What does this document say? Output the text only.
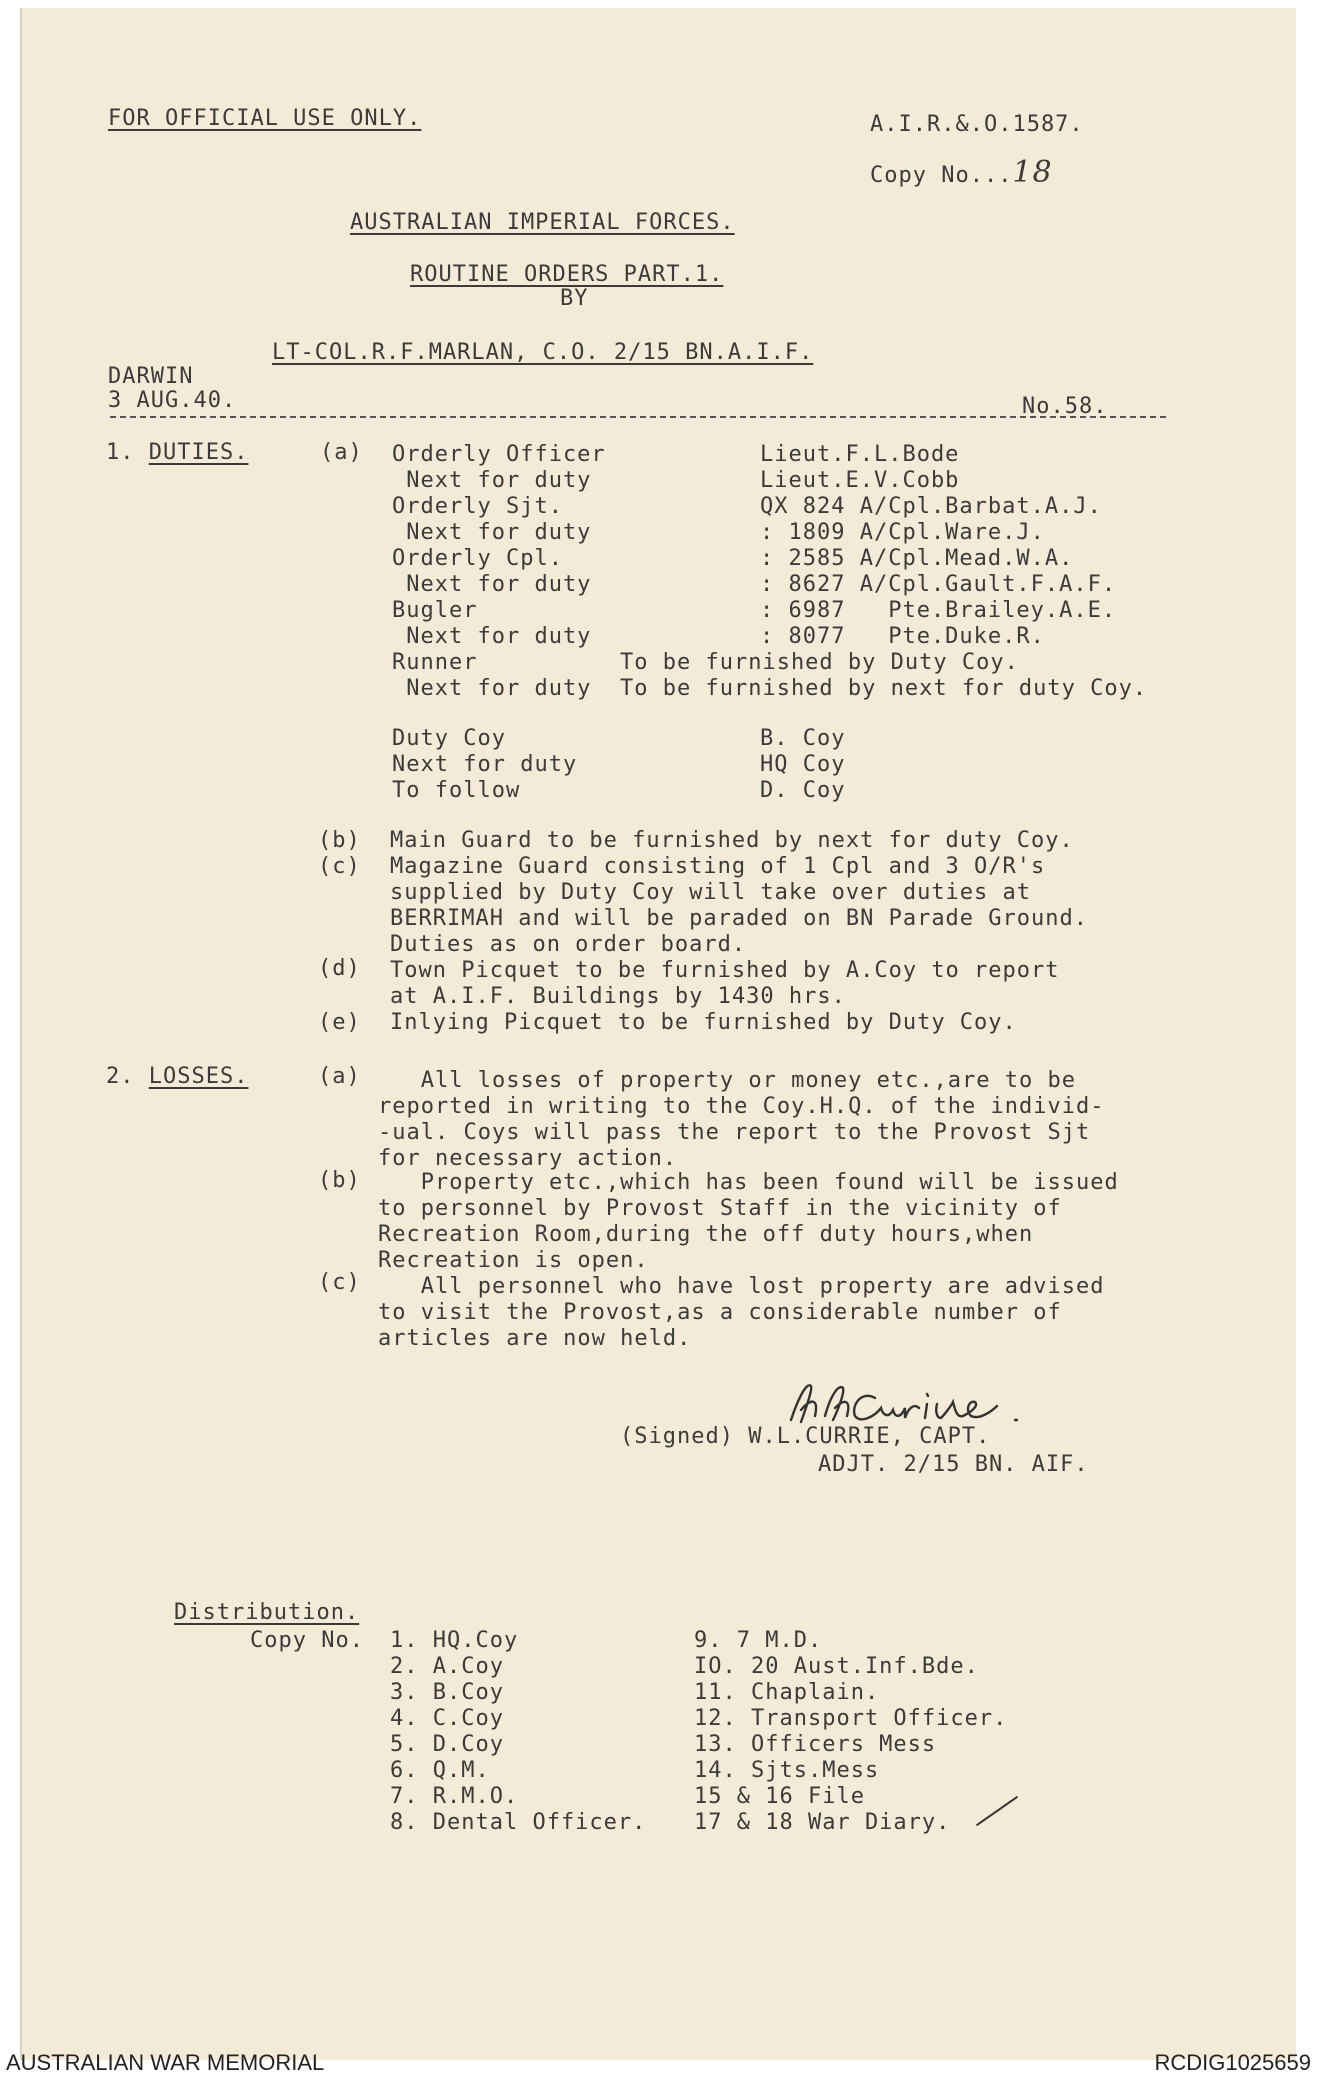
FOR OFFICIAL USE ONLY.	A.I.R.&.O.1587.
Copy No...18
AUSTRALIAN IMPERIAL FORCES.
ROUTINE ORDERS PART.1.
BY
LT-COL.R.F.MARLAN, C.O. 2/15 BN.A.I.F.
DARWIN
3 AUG.40.	No.58.
1. DUTIES.	(a) Orderly Officer	Lieut.F.L.Bode
Next for duty	Lieut.E.V.Cobb
Orderly Sjt.	QX 824 A/Cpl.Barbat.A.J.
Next for duty	: 1809 A/Cpl.Ware.J.
Orderly Cpl.	: 2585 A/Cpl.Mead.W.A.
Next for duty	: 8627 A/Cpl.Gault.F.A.F.
Bugler	: 6987   Pte.Brailey.A.E.
Next for duty	: 8077   Pte.Duke.R.
Runner	To be furnished by Duty Coy.
Next for duty To be furnished by next for duty Coy.
Duty Coy	B. Coy
Next for duty	HQ Coy
To follow	D. Coy
(b) Main Guard to be furnished by next for duty Coy.
(c) Magazine Guard consisting of 1 Cpl and 3 O/R's
supplied by Duty Coy will take over duties at
BERRIMAH and will be paraded on BN Parade Ground.
Duties as on order board.
(d) Town Picquet to be furnished by A.Coy to report
at A.I.F. Buildings by 1430 hrs.
(e) Inlying Picquet to be furnished by Duty Coy.
2. LOSSES.	(a) All losses of property or money etc.,are to be
reported in writing to the Coy.H.Q. of the individ-
-ual. Coys will pass the report to the Provost Sjt
for necessary action.
(b) Property etc.,which has been found will be issued
to personnel by Provost Staff in the vicinity of
Recreation Room,during the off duty hours,when
Recreation is open.
(c) All personnel who have lost property are advised
to visit the Provost,as a considerable number of
articles are now held.
(Signed) W.L.CURRIE, CAPT.
ADJT. 2/15 BN. AIF.
Distribution.
Copy No. 1. HQ.Coy
2. A.Coy
3. B.Coy
4. C.Coy
5. D.Coy
6. Q.M.
7. R.M.O.
8. Dental Officer.
9. 7 M.D.
IO. 20 Aust.Inf.Bde.
11. Chaplain.
12. Transport Officer.
13. Officers Mess
14. Sjts.Mess
15 & 16 File
17 & 18 War Diary.
AUSTRALIAN WAR MEMORIAL	RCDIG1025659
